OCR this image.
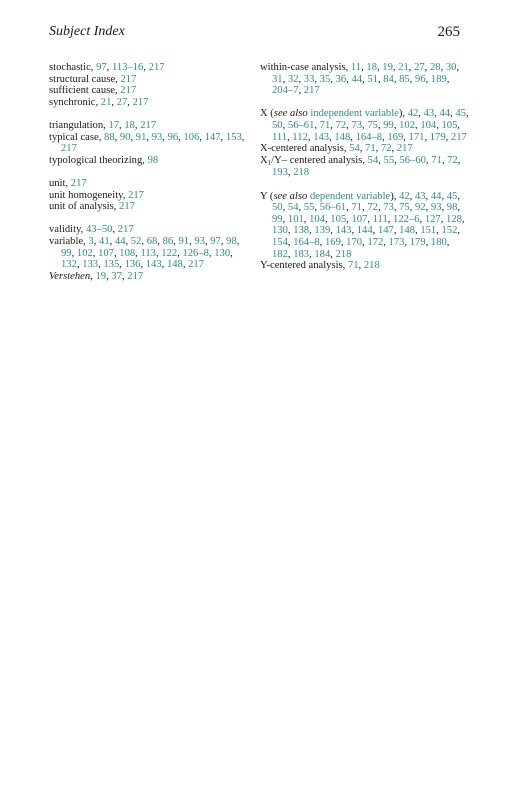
Subject Index	265
stochastic, 97, 113–16, 217
structural cause, 217
sufficient cause, 217
synchronic, 21, 27, 217
triangulation, 17, 18, 217
typical case, 88, 90, 91, 93, 96, 106, 147, 153, 217
typological theorizing, 98
unit, 217
unit homogeneity, 217
unit of analysis, 217
validity, 43–50, 217
variable, 3, 41, 44, 52, 68, 86, 91, 93, 97, 98, 99, 102, 107, 108, 113, 122, 126–8, 130, 132, 133, 135, 136, 143, 148, 217
Verstehen, 19, 37, 217
within-case analysis, 11, 18, 19, 21, 27, 28, 30, 31, 32, 33, 35, 36, 44, 51, 84, 85, 96, 189, 204–7, 217
X (see also independent variable), 42, 43, 44, 45, 50, 56–61, 71, 72, 73, 75, 99, 102, 104, 105, 111, 112, 143, 148, 164–8, 169, 171, 179, 217
X-centered analysis, 54, 71, 72, 217
$X_1/Y-$ centered analysis, 54, 55, 56–60, 71, 72, 193, 218
Y (see also dependent variable), 42, 43, 44, 45, 50, 54, 55, 56–61, 71, 72, 73, 75, 92, 93, 98, 99, 101, 104, 105, 107, 111, 122–6, 127, 128, 130, 138, 139, 143, 144, 147, 148, 151, 152, 154, 164–8, 169, 170, 172, 173, 179, 180, 182, 183, 184, 218
Y-centered analysis, 71, 218
